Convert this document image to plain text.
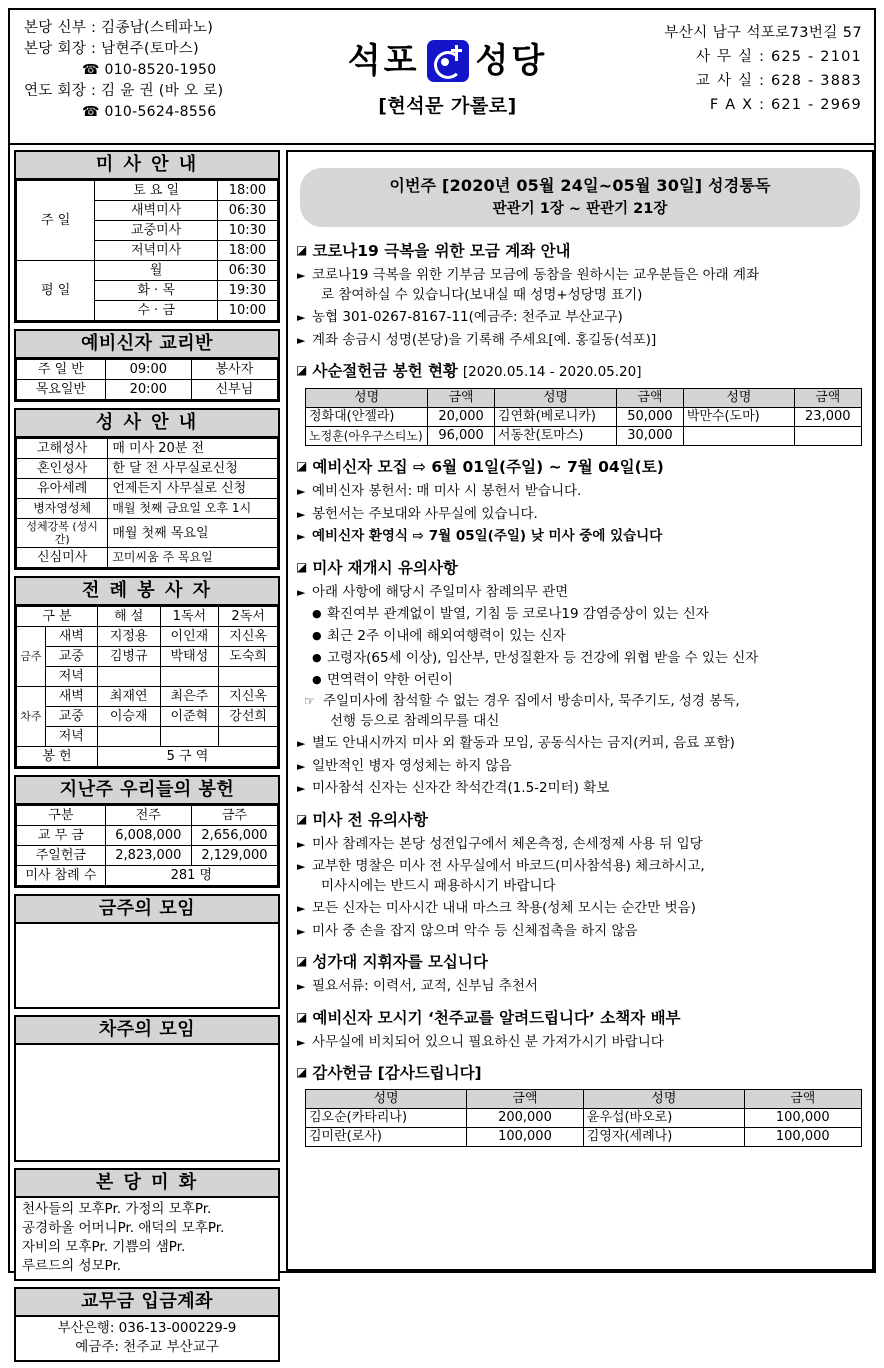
본당 신부 : 김종남(스테파노)
본당 회장 : 남현주(토마스)
☎ 010-8520-1950
연도 회장 : 김 윤 권 (바 오 로)
☎ 010-5624-8556
석포 성당
[현석문 가롤로]
부산시 남구 석포로73번길 57
사 무 실 : 625 - 2101
교 사 실 : 628 - 3883
F A X : 621 - 2969
미 사 안 내
주 일	토 요 일	18:00
	새벽미사	06:30
	교중미사	10:30
	저녁미사	18:00
평 일	월	06:30
	화 · 목	19:30
	수 · 금	10:00
예비신자 교리반
주 일 반	09:00	봉사자
목요일반	20:00	신부님
성 사 안 내
고해성사	매 미사 20분 전
혼인성사	한 달 전 사무실로신청
유아세례	언제든지 사무실로 신청
병자영성체	매월 첫째 금요일 오후 1시
성체강복 (성시간)	매월 첫째 목요일
신심미사	꼬미씨움 주 목요일
전 례 봉 사 자
구 분		해 설	1독서	2독서
금주	새벽	지정용	이인재	지신옥
	교중	김병규	박태성	도숙희
	저녁			
차주	새벽	최재연	최은주	지신옥
	교중	이승재	이준혁	강선희
	저녁			
봉 헌		5 구 역		
지난주 우리들의 봉헌
구분	전주	금주
교 무 금	6,008,000	2,656,000
주일헌금	2,823,000	2,129,000
미사 참례 수	281 명	
금주의 모임
차주의 모임
본 당 미 화
천사들의 모후Pr. 가정의 모후Pr.
공경하올 어머니Pr. 애덕의 모후Pr.
자비의 모후Pr. 기쁨의 샘Pr.
루르드의 성모Pr.
교무금 입금계좌
부산은행: 036-13-000229-9
예금주: 천주교 부산교구
이번주 [2020년 05월 24일~05월 30일] 성경통독
판관기 1장 ~ 판관기 21장
◪ 코로나19 극복을 위한 모금 계좌 안내
► 코로나19 극복을 위한 기부금 모금에 동참을 원하시는 교우분들은 아래 계좌
로 참여하실 수 있습니다(보내실 때 성명+성당명 표기)
► 농협 301-0267-8167-11(예금주: 천주교 부산교구)
► 계좌 송금시 성명(본당)을 기록해 주세요[예. 홍길동(석포)]
◪ 사순절헌금 봉헌 현황 [2020.05.14 - 2020.05.20]
성명	금액	성명	금액	성명	금액
정화대(안젤라)	20,000	김연화(베로니카)	50,000	박만수(도마)	23,000
노정훈(아우구스티노)	96,000	서동찬(토마스)	30,000		
◪ 예비신자 모집 ⇨ 6월 01일(주일) ~ 7월 04일(토)
► 예비신자 봉헌서: 매 미사 시 봉헌서 받습니다.
► 봉헌서는 주보대와 사무실에 있습니다.
► 예비신자 환영식 ⇨ 7월 05일(주일) 낮 미사 중에 있습니다
◪ 미사 재개시 유의사항
► 아래 사항에 해당시 주일미사 참례의무 관면
● 확진여부 관계없이 발열, 기침 등 코로나19 감염증상이 있는 신자
● 최근 2주 이내에 해외여행력이 있는 신자
● 고령자(65세 이상), 임산부, 만성질환자 등 건강에 위협 받을 수 있는 신자
● 면역력이 약한 어린이
☞ 주일미사에 참석할 수 없는 경우 집에서 방송미사, 묵주기도, 성경 봉독,
선행 등으로 참례의무를 대신
► 별도 안내시까지 미사 외 활동과 모임, 공동식사는 금지(커피, 음료 포함)
► 일반적인 병자 영성체는 하지 않음
► 미사참석 신자는 신자간 착석간격(1.5-2미터) 확보
◪ 미사 전 유의사항
► 미사 참례자는 본당 성전입구에서 체온측정, 손세정제 사용 뒤 입당
► 교부한 명찰은 미사 전 사무실에서 바코드(미사참석용) 체크하시고,
미사시에는 반드시 패용하시기 바랍니다
► 모든 신자는 미사시간 내내 마스크 착용(성체 모시는 순간만 벗음)
► 미사 중 손을 잡지 않으며 악수 등 신체접촉을 하지 않음
◪ 성가대 지휘자를 모십니다
► 필요서류: 이력서, 교적, 신부님 추천서
◪ 예비신자 모시기 ‘천주교를 알려드립니다’ 소책자 배부
► 사무실에 비치되어 있으니 필요하신 분 가져가시기 바랍니다
◪ 감사헌금 [감사드립니다]
성명	금액	성명	금액
김오순(카타리나)	200,000	윤우섭(바오로)	100,000
김미란(로사)	100,000	김영자(세례나)	100,000
